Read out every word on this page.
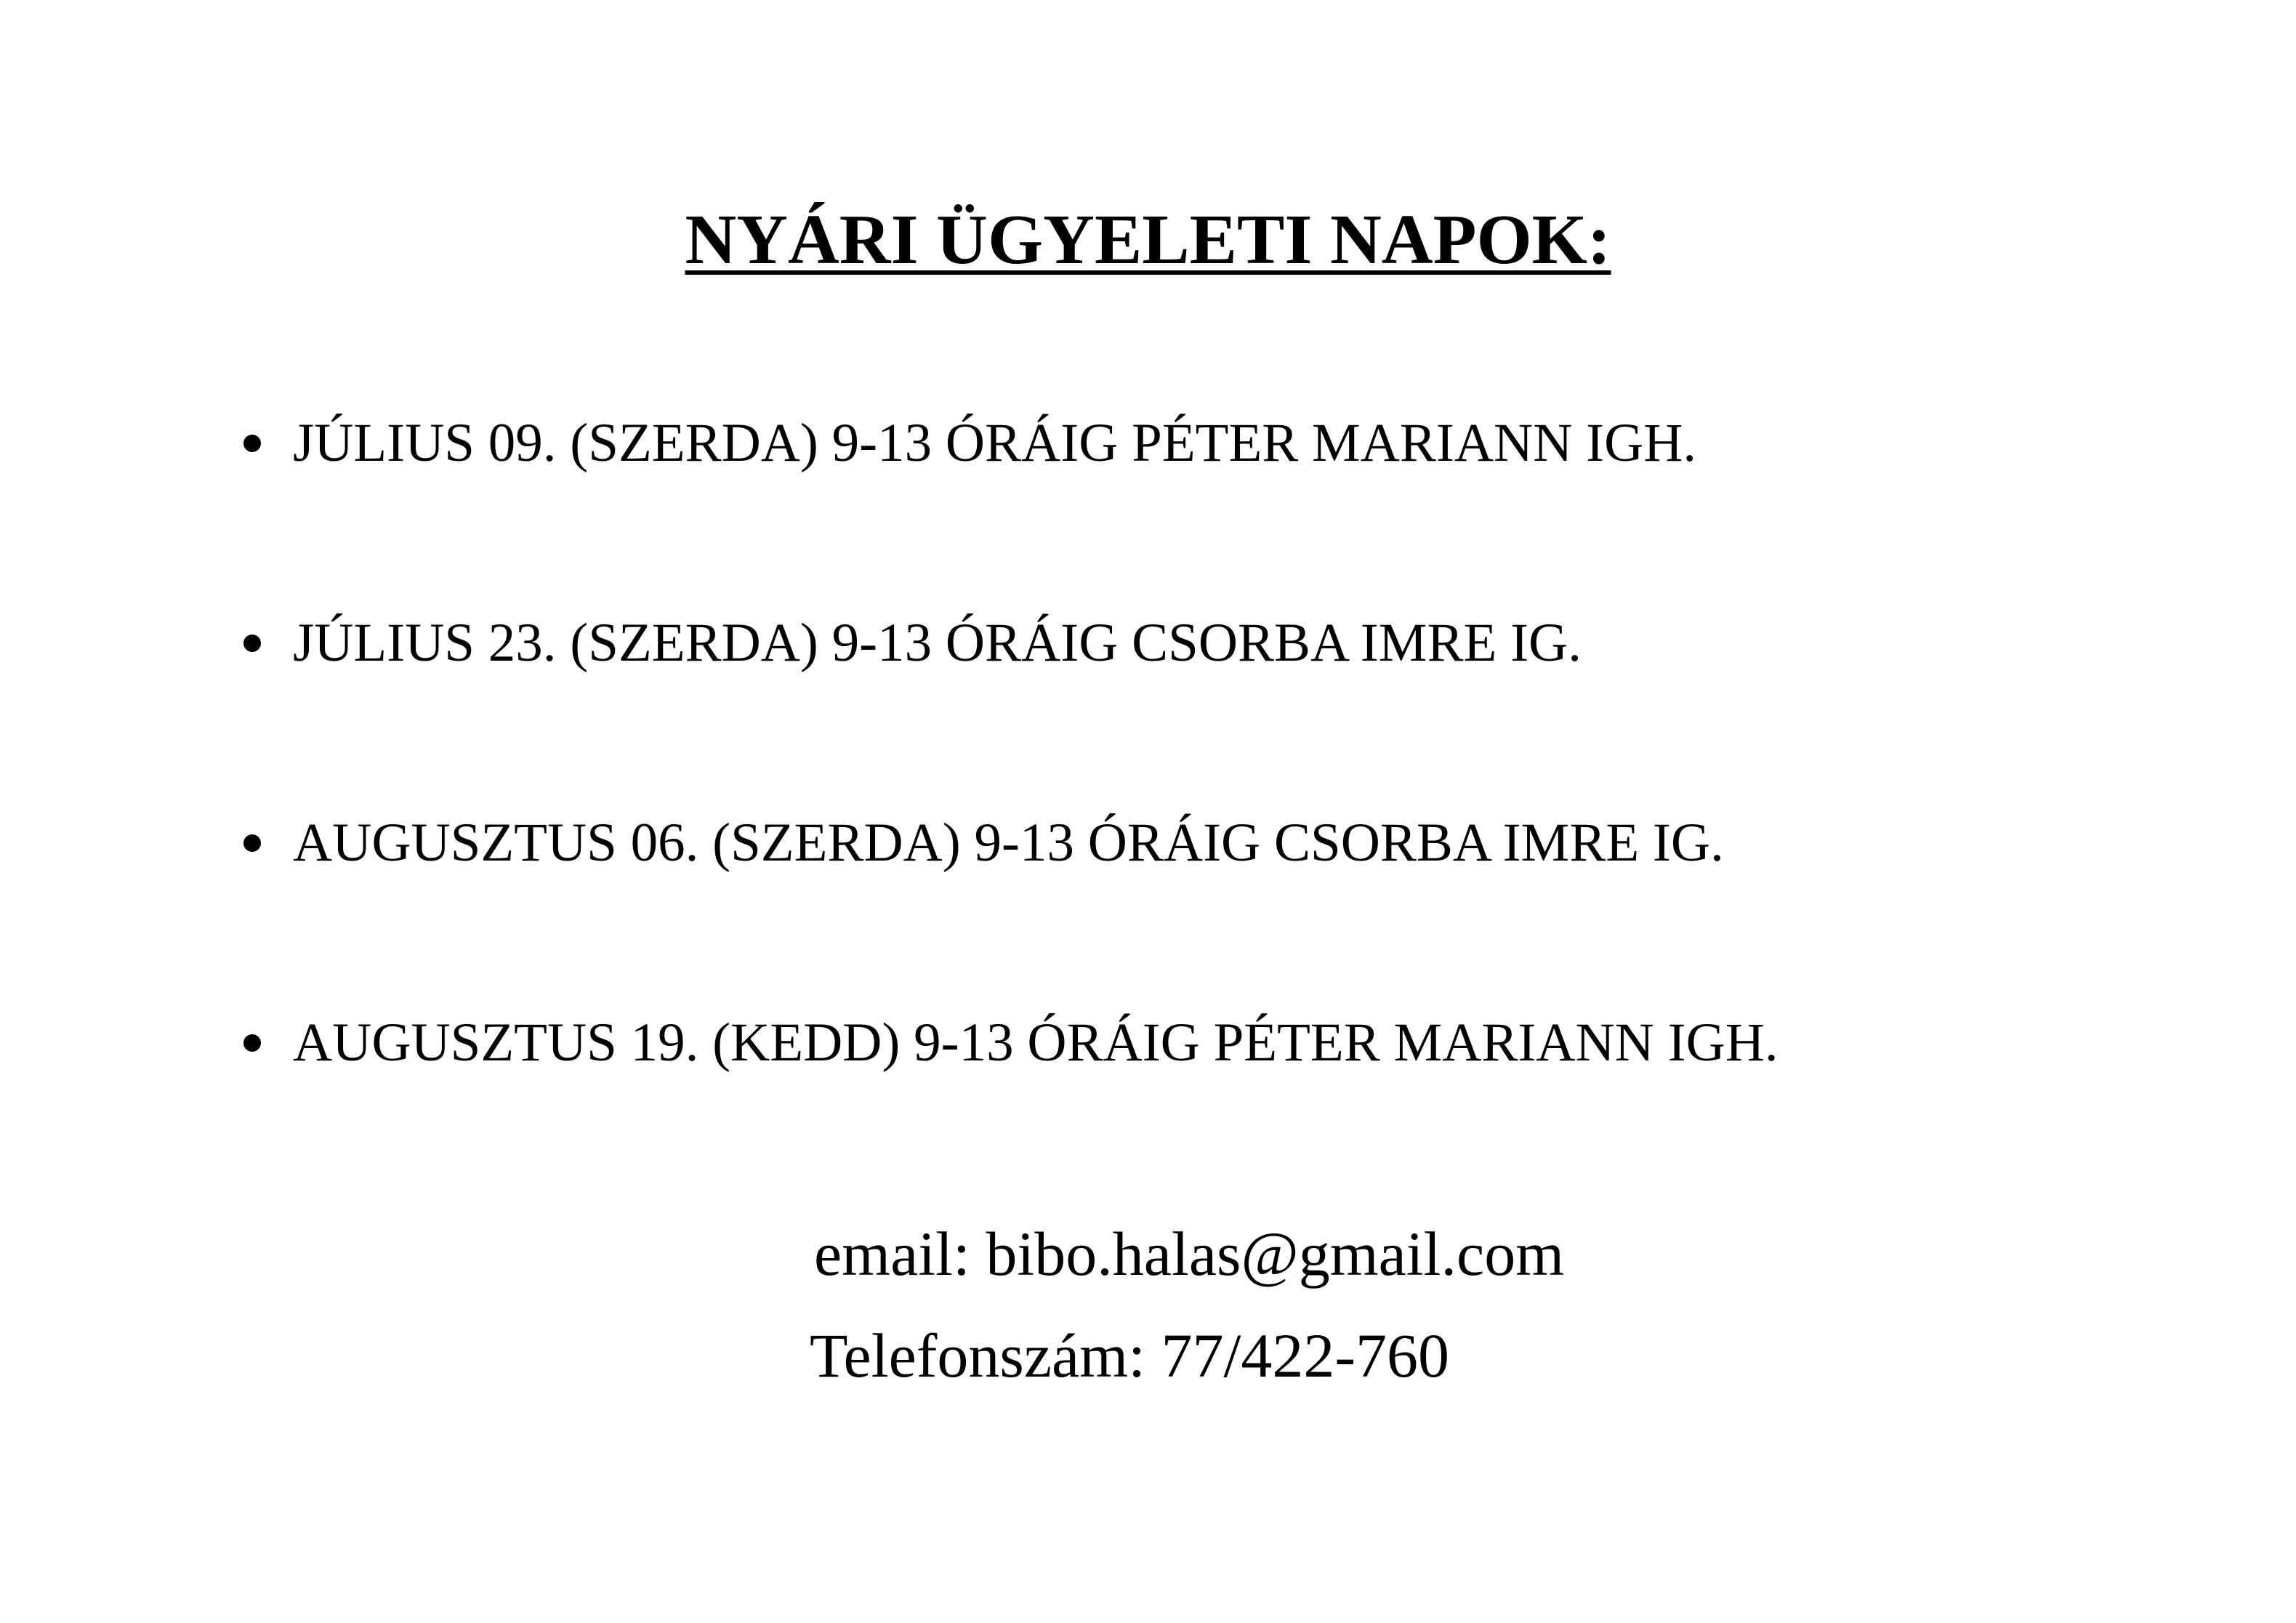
NYÁRI ÜGYELETI NAPOK:
JÚLIUS 09. (SZERDA) 9-13 ÓRÁIG PÉTER MARIANN IGH.
JÚLIUS 23. (SZERDA) 9-13 ÓRÁIG CSORBA IMRE IG.
AUGUSZTUS 06. (SZERDA) 9-13 ÓRÁIG CSORBA IMRE IG.
AUGUSZTUS 19. (KEDD) 9-13 ÓRÁIG PÉTER MARIANN IGH.
email: bibo.halas@gmail.com
Telefonszám: 77/422-760
